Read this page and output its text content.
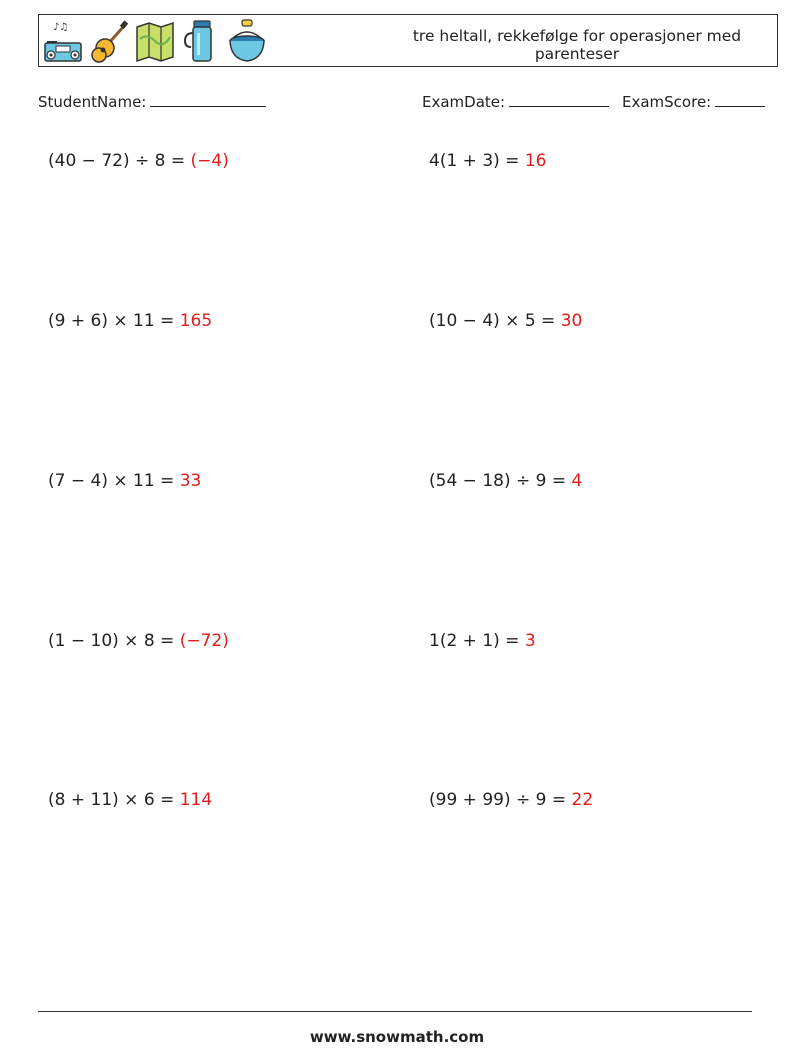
♪♫	tre heltall, rekkefølge for operasjoner med parenteser
StudentName:	ExamDate:	ExamScore:
(40 − 72) ÷ 8 = (−4)	4(1 + 3) = 16
(9 + 6) × 11 = 165	(10 − 4) × 5 = 30
(7 − 4) × 11 = 33	(54 − 18) ÷ 9 = 4
(1 − 10) × 8 = (−72)	1(2 + 1) = 3
(8 + 11) × 6 = 114	(99 + 99) ÷ 9 = 22
www.snowmath.com
